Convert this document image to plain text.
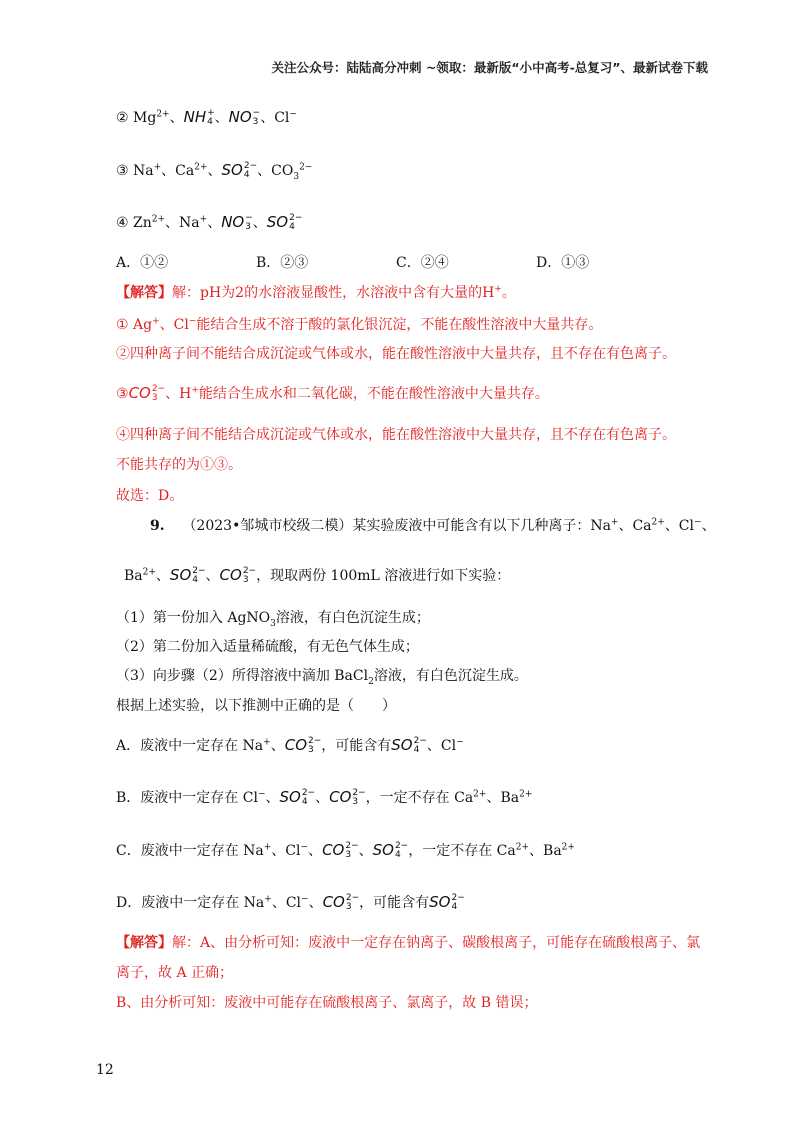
关注公众号：陆陆高分冲刺 ~领取：最新版“小中高考-总复习”、最新试卷下载
② $Mg^{2+}$、NH +
4 、NO −
3 、Cl−
③ Na+、$Ca^{2+}$、SO 2−
4 、$CO_3^{2-}$
④ $Zn^{2+}$、Na+、NO −
3 、SO 2−
4
A．①②	B．②③	C．②④	D．①③
【解答】解：pH为2的水溶液显酸性，水溶液中含有大量的H+。
① Ag+、Cl−能结合生成不溶于酸的氯化银沉淀，不能在酸性溶液中大量共存。
②四种离子间不能结合成沉淀或气体或水，能在酸性溶液中大量共存，且不存在有色离子。
③CO 2−
3 、H+能结合生成水和二氧化碳，不能在酸性溶液中大量共存。
④四种离子间不能结合成沉淀或气体或水，能在酸性溶液中大量共存，且不存在有色离子。
不能共存的为①③。
故选：D。
9. （2023•邹城市校级二模）某实验废液中可能含有以下几种离子：Na+、$Ca^{2+}$、Cl−、
$Ba^{2+}$、SO 2−
4 、CO 2−
3 ，现取两份 100mL 溶液进行如下实验：
（1）第一份加入 AgNO$_3$溶液，有白色沉淀生成；
（2）第二份加入适量稀硫酸，有无色气体生成；
（3）向步骤（2）所得溶液中滴加 BaCl$_2$溶液，有白色沉淀生成。
根据上述实验，以下推测中正确的是（　　）
A．废液中一定存在 Na+、CO 2−
3 ，可能含有SO 2−
4 、Cl−
B．废液中一定存在 Cl−、SO 2−
4 、CO 2−
3 ，一定不存在 $Ca^{2+}$、$Ba^{2+}$
C．废液中一定存在 Na+、Cl−、CO 2−
3 、SO 2−
4 ，一定不存在 $Ca^{2+}$、$Ba^{2+}$
D．废液中一定存在 Na+、Cl−、CO 2−
3 ，可能含有SO 2−
4
【解答】解：A、由分析可知：废液中一定存在钠离子、碳酸根离子，可能存在硫酸根离子、氯
离子，故 A 正确；
B、由分析可知：废液中可能存在硫酸根离子、氯离子，故 B 错误；
12
